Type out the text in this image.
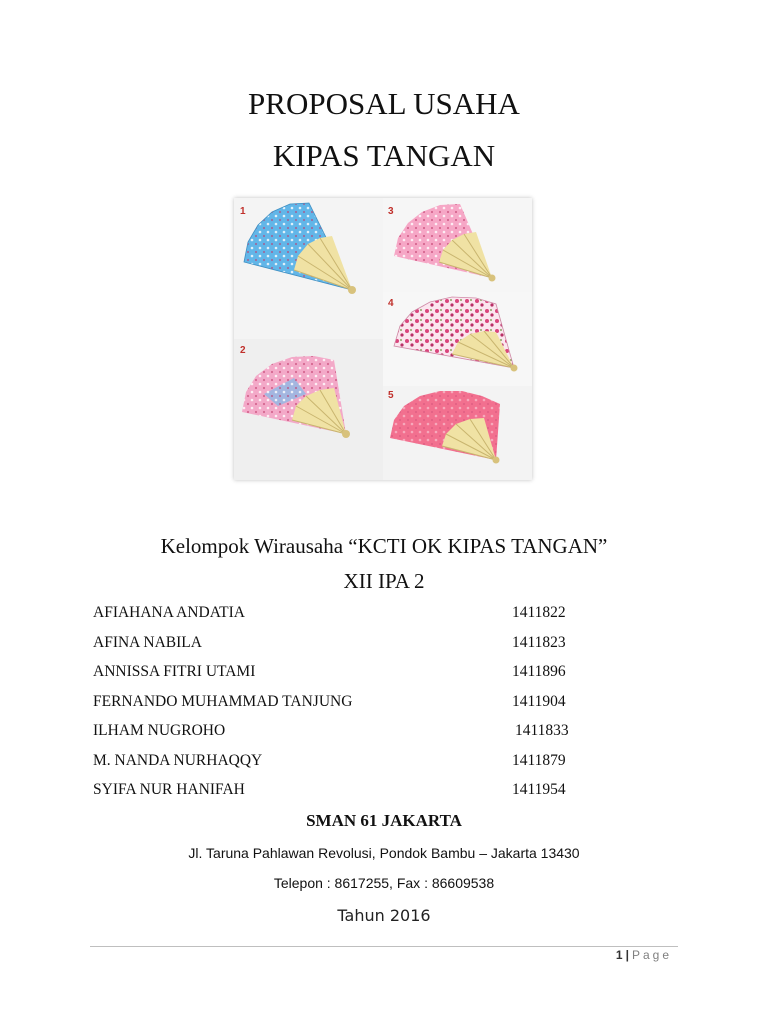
PROPOSAL USAHA
KIPAS TANGAN
1
2
3
4
5
Kelompok Wirausaha “KCTI OK KIPAS TANGAN”
XII IPA 2
AFIAHANA ANDATIA	1411822
AFINA NABILA	1411823
ANNISSA FITRI UTAMI	1411896
FERNANDO MUHAMMAD TANJUNG	1411904
ILHAM NUGROHO	1411833
M. NANDA NURHAQQY	1411879
SYIFA NUR HANIFAH	1411954
SMAN 61 JAKARTA
Jl. Taruna Pahlawan Revolusi, Pondok Bambu – Jakarta 13430
Telepon : 8617255, Fax : 86609538
Tahun 2016
1 | Page
